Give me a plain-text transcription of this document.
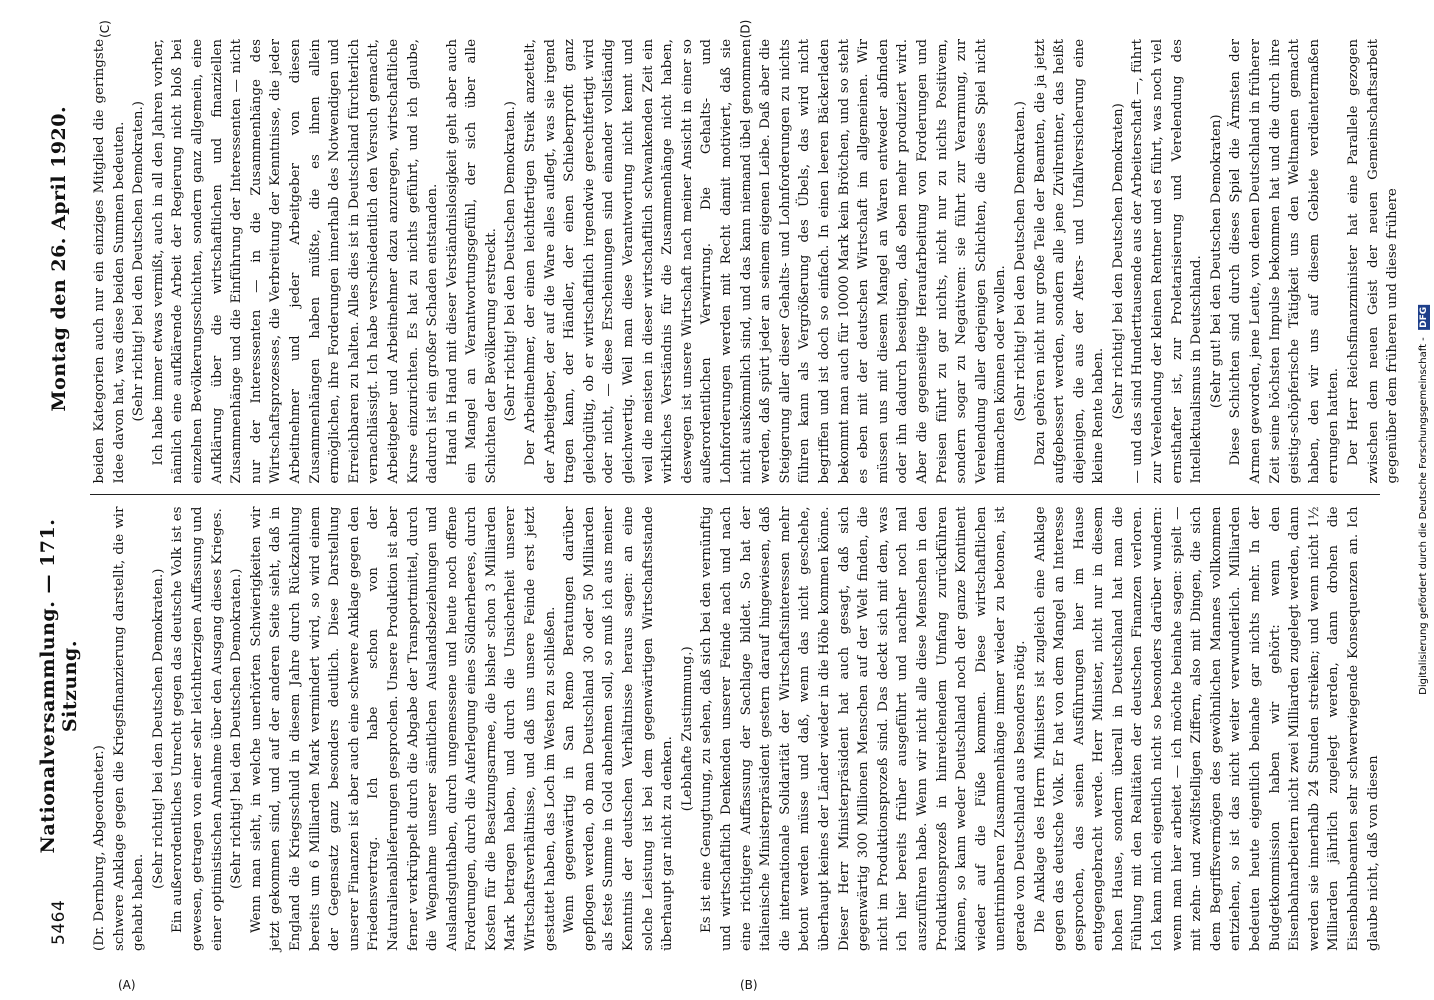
5464
Nationalversammlung. — 171. Sitzung.
Montag den 26. April 1920.

(Dr. Dernburg, Abgeordneter.) schwere Anklage gegen die Kriegsfinanzierung darstellt, die wir gehabt haben.

(Sehr richtig! bei den Deutschen Demokraten.) Ein außerordentliches Unrecht gegen das deutsche Volk ist es gewesen, getragen von einer sehr leichtherzigen Auffassung und einer optimistischen Annahme über den Ausgang dieses Krieges. (Sehr richtig! bei den Deutschen Demokraten.) Wenn man sieht, in welche unerhörten Schwierigkeiten wir jetzt gekommen sind, und auf der anderen Seite sieht, daß in England die Kriegsschuld in diesem Jahre durch Rückzahlung bereits um 6 Milliarden Mark vermindert wird, so wird einem der Gegensatz ganz besonders deutlich. Diese Darstellung unserer Finanzen ist aber auch eine schwere Anklage gegen den Friedensvertrag. Ich habe schon von der Naturalienablieferungen gesprochen. Unsere Produktion ist aber ferner verkrüppelt durch die Abgabe der Transportmittel, durch die Wegnahme unserer sämtlichen Auslandsbeziehungen und Auslandsguthaben, durch ungemessene und heute noch offene Forderungen, durch die Auferlegung eines Söldnerheeres, durch Kosten für die Besatzungsarmee, die bisher schon 3 Milliarden Mark betragen haben, und durch die Unsicherheit unserer Wirtschaftsverhältnisse, und daß uns unsere Feinde erst jetzt gestattet haben, das Loch im Westen zu schließen. Wenn gegenwärtig in San Remo Beratungen darüber gepflogen werden, ob man Deutschland 30 oder 50 Milliarden als feste Summe in Gold abnehmen soll, so muß ich aus meiner Kenntnis der deutschen Verhältnisse heraus sagen: an eine solche Leistung ist bei dem gegenwärtigen Wirtschaftsstande überhaupt gar nicht zu denken.

(Lebhafte Zustimmung.) Es ist eine Genugtuung, zu sehen, daß sich bei den vernünftig und wirtschaftlich Denkenden unserer Feinde nach und nach eine richtigere Auffassung der Sachlage bildet. So hat der italienische Ministerpräsident gestern darauf hingewiesen, daß die internationale Solidarität der Wirtschaftsinteressen mehr betont werden müsse und daß, wenn das nicht geschehe, überhaupt keines der Länder wieder in die Höhe kommen könne. Dieser Herr Ministerpräsident hat auch gesagt, daß sich gegenwärtig 300 Millionen Menschen auf der Welt finden, die nicht im Produktionsprozeß sind. Das deckt sich mit dem, was ich hier bereits früher ausgeführt und nachher noch mal auszuführen habe. Wenn wir nicht alle diese Menschen in den Produktionsprozeß in hinreichendem Umfang zurückführen können, so kann weder Deutschland noch der ganze Kontinent wieder auf die Füße kommen. Diese wirtschaftlichen unentrinnbaren Zusammenhänge immer wieder zu betonen, ist gerade von Deutschland aus besonders nötig. Die Anklage des Herrn Ministers ist zugleich eine Anklage gegen das deutsche Volk. Er hat von dem Mangel an Interesse gesprochen, das seinen Ausführungen hier im Hause entgegengebracht werde. Herr Minister, nicht nur in diesem hohen Hause, sondern überall in Deutschland hat man die Fühlung mit den Realitäten der deutschen Finanzen verloren. Ich kann mich eigentlich nicht so besonders darüber wundern: wenn man hier arbeitet — ich möchte beinahe sagen: spielt — mit zehn- und zwölfstelligen Ziffern, also mit Dingen, die sich dem Begriffsvermögen des gewöhnlichen Mannes vollkommen entziehen, so ist das nicht weiter verwunderlich. Milliarden bedeuten heute eigentlich beinahe gar nichts mehr. In der Budgetkommission haben wir gehört: wenn den Eisenbahnarbeitern nicht zwei Milliarden zugelegt werden, dann werden sie innerhalb 24 Stunden streiken; und wenn nicht 1½ Milliarden jährlich zugelegt werden, dann drohen die Eisenbahnbeamten sehr schwerwiegende Konsequenzen an. Ich glaube nicht, daß von diesen

beiden Kategorien auch nur ein einziges Mitglied die geringste Idee davon hat, was diese beiden Summen bedeuten. (Sehr richtig! bei den Deutschen Demokraten.) Ich habe immer etwas vermißt, auch in all den Jahren vorher, nämlich eine aufklärende Arbeit der Regierung nicht bloß bei einzelnen Bevölkerungsschichten, sondern ganz allgemein, eine Aufklärung über die wirtschaftlichen und finanziellen Zusammenhänge und die Einführung der Interessenten — nicht nur der Interessenten — in die Zusammenhänge des Wirtschaftsprozesses, die Verbreitung der Kenntnisse, die jeder Arbeitnehmer und jeder Arbeitgeber von diesen Zusammenhängen haben müßte, die es ihnen allein ermöglichen, ihre Forderungen innerhalb des Notwendigen und Erreichbaren zu halten. Alles dies ist in Deutschland fürchterlich vernachlässigt. Ich habe verschiedentlich den Versuch gemacht, Arbeitgeber und Arbeitnehmer dazu anzuregen, wirtschaftliche Kurse einzurichten. Es hat zu nichts geführt, und ich glaube, dadurch ist ein großer Schaden entstanden. Hand in Hand mit dieser Verständnislosigkeit geht aber auch ein Mangel an Verantwortungsgefühl, der sich über alle Schichten der Bevölkerung erstreckt. (Sehr richtig! bei den Deutschen Demokraten.) Der Arbeitnehmer, der einen leichtfertigen Streik anzettelt, der Arbeitgeber, der auf die Ware alles auflegt, was sie irgend tragen kann, der Händler, der einen Schieberprofit ganz gleichgültig, ob er wirtschaftlich irgendwie gerechtfertigt wird oder nicht, — diese Erscheinungen sind einander vollständig gleichwertig. Weil man diese Verantwortung nicht kennt und weil die meisten in dieser wirtschaftlich schwankenden Zeit ein wirkliches Verständnis für die Zusammenhänge nicht haben, deswegen ist unsere Wirtschaft nach meiner Ansicht in einer so außerordentlichen Verwirrung. Die Gehalts- und Lohnforderungen werden mit Recht damit motiviert, daß sie nicht auskömmlich sind, und das kann niemand übel genommen werden, daß spürt jeder an seinem eigenen Leibe. Daß aber die Steigerung aller dieser Gehalts- und Lohnforderungen zu nichts führen kann als Vergrößerung des Übels, das wird nicht begriffen und ist doch so einfach. In einen leeren Bäckerladen bekommt man auch für 10000 Mark kein Brötchen, und so steht es eben mit der deutschen Wirtschaft im allgemeinen. Wir müssen uns mit diesem Mangel an Waren entweder abfinden oder ihn dadurch beseitigen, daß eben mehr produziert wird. Aber die gegenseitige Heraufarbeitung von Forderungen und Preisen führt zu gar nichts, nicht nur zu nichts Positivem, sondern sogar zu Negativem: sie führt zur Verarmung, zur Verelendung aller derjenigen Schichten, die dieses Spiel nicht mitmachen können oder wollen. (Sehr richtig! bei den Deutschen Demokraten.) Dazu gehören nicht nur große Teile der Beamten, die ja jetzt aufgebessert werden, sondern alle jene Zivilrentner, das heißt diejenigen, die aus der Alters- und Unfallversicherung eine kleine Rente haben. (Sehr richtig! bei den Deutschen Demokraten) — und das sind Hunderttausende aus der Arbeiterschaft —, führt zur Verelendung der kleinen Rentner und es führt, was noch viel ernsthafter ist, zur Proletarisierung und Verelendung des Intellektualismus in Deutschland. (Sehr gut! bei den Deutschen Demokraten) Diese Schichten sind durch dieses Spiel die Ärmsten der Armen geworden, jene Leute, von denen Deutschland in früherer Zeit seine höchsten Impulse bekommen hat und die durch ihre geistig-schöpferische Tätigkeit uns den Weltnamen gemacht haben, den wir uns auf diesem Gebiete verdientermaßen errungen hatten. Der Herr Reichsfinanzminister hat eine Parallele gezogen zwischen dem neuen Geist der neuen Gemeinschaftsarbeit gegenüber dem früheren und diese frühere

(A)	(B)
(C)	(D)
Digitalisierung gefördert durch die Deutsche Forschungsgemeinschaft - DFG
